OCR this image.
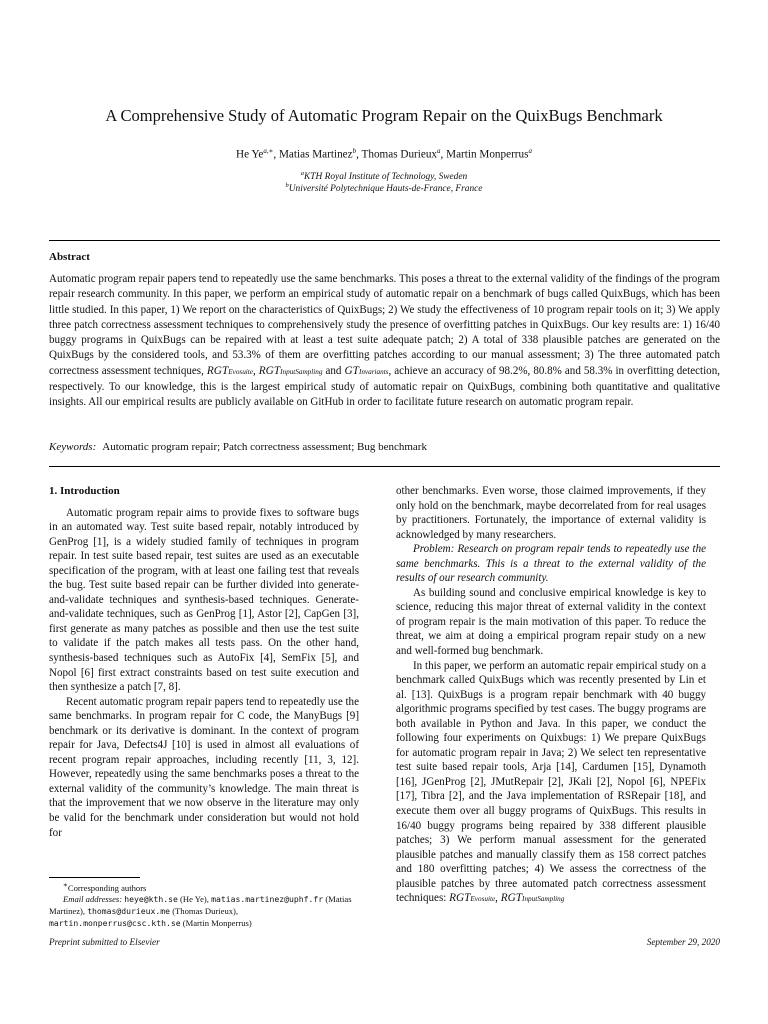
A Comprehensive Study of Automatic Program Repair on the QuixBugs Benchmark
He $Ye^{a,∗}$, Matias Martinez$^b$, Thomas Durieux$^a$, Martin Monperrus$^a$
$^a$KTH Royal Institute of Technology, Sweden
$^b$Université Polytechnique Hauts-de-France, France
Abstract

Automatic program repair papers tend to repeatedly use the same benchmarks. This poses a threat to the external validity of the findings of the program repair research community. In this paper, we perform an empirical study of automatic repair on a benchmark of bugs called QuixBugs, which has been little studied. In this paper, 1) We report on the characteristics of QuixBugs; 2) We study the effectiveness of 10 program repair tools on it; 3) We apply three patch correctness assessment techniques to comprehensively study the presence of overfitting patches in QuixBugs. Our key results are: 1) 16/40 buggy programs in QuixBugs can be repaired with at least a test suite adequate patch; 2) A total of 338 plausible patches are generated on the QuixBugs by the considered tools, and 53.3% of them are overfitting patches according to our manual assessment; 3) The three automated patch correctness assessment techniques, RGTEvosuite, RGTInputSampling and GTInvariants, achieve an accuracy of 98.2%, 80.8% and 58.3% in overfitting detection, respectively. To our knowledge, this is the largest empirical study of automatic repair on QuixBugs, combining both quantitative and qualitative insights. All our empirical results are publicly available on GitHub in order to facilitate future research on automatic program repair.

Keywords: Automatic program repair; Patch correctness assessment; Bug benchmark
1. Introduction

Automatic program repair aims to provide fixes to software bugs in an automated way. Test suite based repair, notably introduced by GenProg [1], is a widely studied family of techniques in program repair. In test suite based repair, test suites are used as an executable specification of the program, with at least one failing test that reveals the bug. Test suite based repair can be further divided into generate-and-validate techniques and synthesis-based techniques. Generate-and-validate techniques, such as GenProg [1], Astor [2], CapGen [3], first generate as many patches as possible and then use the test suite to validate if the patch makes all tests pass. On the other hand, synthesis-based techniques such as AutoFix [4], SemFix [5], and Nopol [6] first extract constraints based on test suite execution and then synthesize a patch [7, 8].

Recent automatic program repair papers tend to repeatedly use the same benchmarks. In program repair for C code, the ManyBugs [9] benchmark or its derivative is dominant. In the context of program repair for Java, Defects4J [10] is used in almost all evaluations of recent program repair approaches, including recently [11, 3, 12]. However, repeatedly using the same benchmarks poses a threat to the external validity of the community’s knowledge. The main threat is that the improvement that we now observe in the literature may only be valid for the benchmark under consideration but would not hold for

other benchmarks. Even worse, those claimed improvements, if they only hold on the benchmark, maybe decorrelated from for real usages by practitioners. Fortunately, the importance of external validity is acknowledged by many researchers.

Problem: Research on program repair tends to repeatedly use the same benchmarks. This is a threat to the external validity of the results of our research community.

As building sound and conclusive empirical knowledge is key to science, reducing this major threat of external validity in the context of program repair is the main motivation of this paper. To reduce the threat, we aim at doing a empirical program repair study on a new and well-formed bug benchmark.

In this paper, we perform an automatic repair empirical study on a benchmark called QuixBugs which was recently presented by Lin et al. [13]. QuixBugs is a program repair benchmark with 40 buggy algorithmic programs specified by test cases. The buggy programs are both available in Python and Java. In this paper, we conduct the following four experiments on Quixbugs: 1) We prepare QuixBugs for automatic program repair in Java; 2) We select ten representative test suite based repair tools, Arja [14], Cardumen [15], Dynamoth [16], JGenProg [2], JMutRepair [2], JKali [2], Nopol [6], NPEFix [17], Tibra [2], and the Java implementation of RSRepair [18], and execute them over all buggy programs of QuixBugs. This results in 16/40 buggy programs being repaired by 338 different plausible patches; 3) We perform manual assessment for the generated plausible patches and manually classify them as 158 correct patches and 180 overfitting patches; 4) We assess the correctness of the plausible patches by three automated patch correctness assessment techniques: RGTEvosuite, RGTInputSampling

∗Corresponding authors
Email addresses: heye@kth.se (He Ye), matias.martinez@uphf.fr (Matias Martinez), thomas@durieux.me (Thomas Durieux), martin.monperrus@csc.kth.se (Martin Monperrus)
Preprint submitted to Elsevier	September 29, 2020
